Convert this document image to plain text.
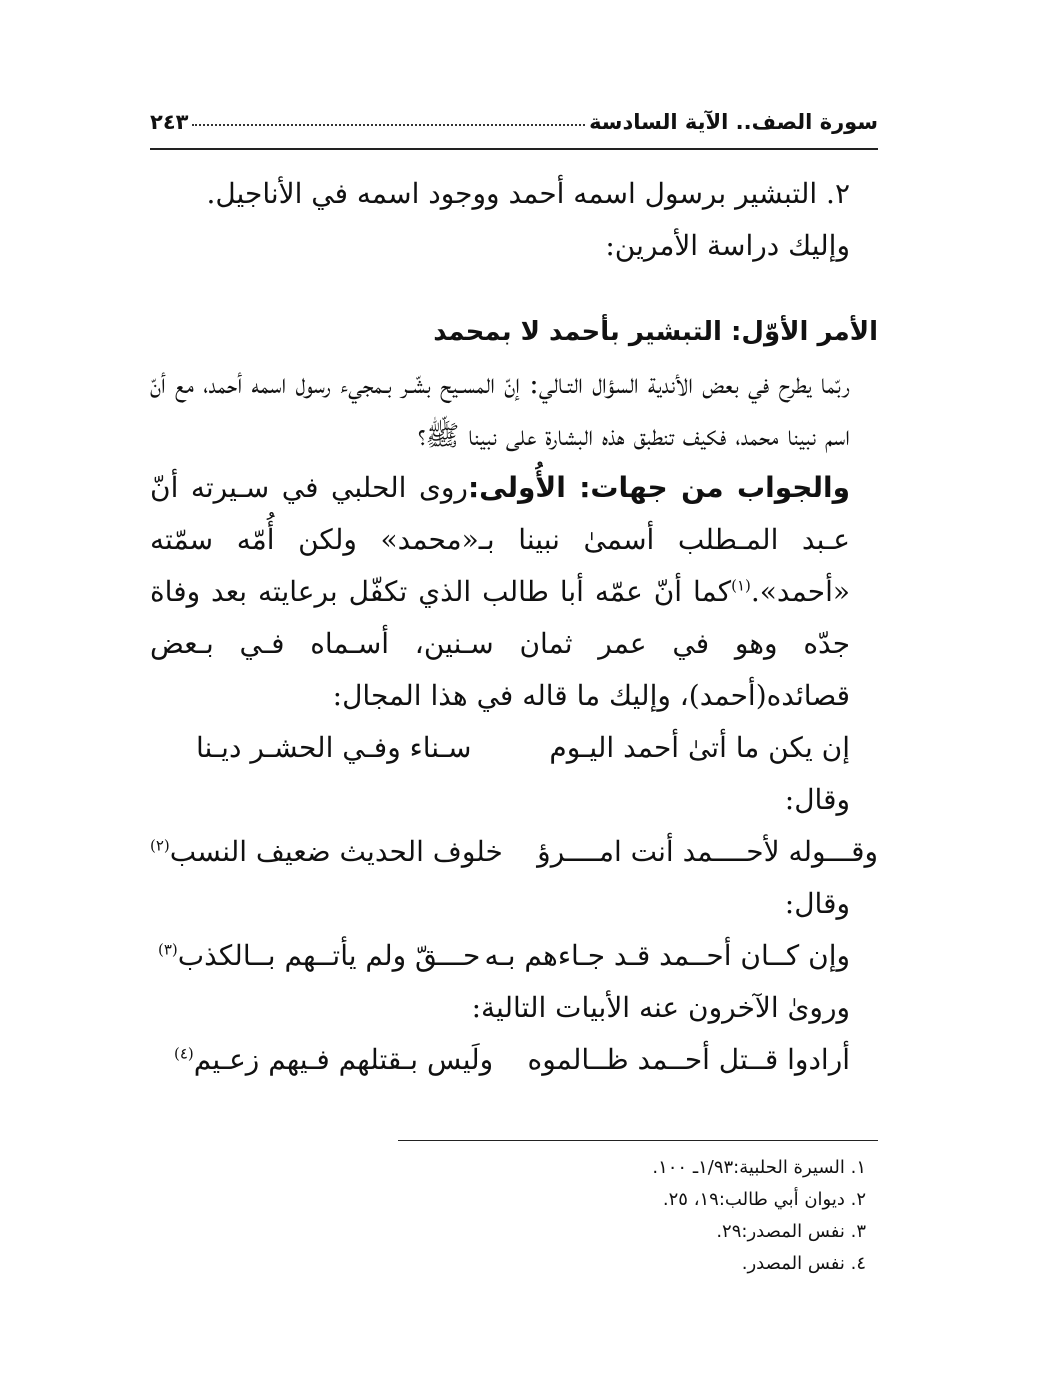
سورة الصف.. الآية السادسة
٢٤٣

٢. التبشير برسول اسمه أحمد ووجود اسمه في الأناجيل.

وإليك دراسة الأمرين:

الأمر الأوّل: التبشير بأحمد لا بمحمد

ربّما يطرح في بعض الأندية السؤال التـالي: إنّ المسـيح بشّـر بـمجيء رسول اسمه أحمد، مع أنّ اسم نبينا محمد، فكيف تنطبق هذه البشارة على نبينا ﷺ؟

والجواب من جهات: الأُولى:روى الحلبي في سـيرته أنّ عـبد المـطلب أسمىٰ نبينا بـ«محمد» ولكن أُمّه سمّته «أحمد».$^{(١)}$كما أنّ عمّه أبا طالب الذي تكفّل برعايته بعد وفاة جدّه وهو في عمر ثمان سـنين، أسـماه فـي بـعض قصائده(أحمد)، وإليك ما قاله في هذا المجال:

إن يكن ما أتىٰ أحمد اليـوم
سـناء وفـي الحشـر ديـنا

وقال:

وقـــوله لأحــــمد أنت امــــرؤ
خلوف الحديث ضعيف النسب$^{(٢)}$

وقال:

وإن كــان أحــمد قـد جـاءهم بـه
حـــقّ ولم يأتــهم بــالكذب$^{(٣)}$

ورویٰ الآخرون عنه الأبيات التالية:

أرادوا قــتل أحــمد ظــالموه
ولَيس بـقتلهم فـيهم زعـيم$^{(٤)}$
١. السيرة الحلبية:١/٩٣ـ ١٠٠.
٢. ديوان أبي طالب:١٩، ٢٥.
٣. نفس المصدر:٢٩.
٤. نفس المصدر.
